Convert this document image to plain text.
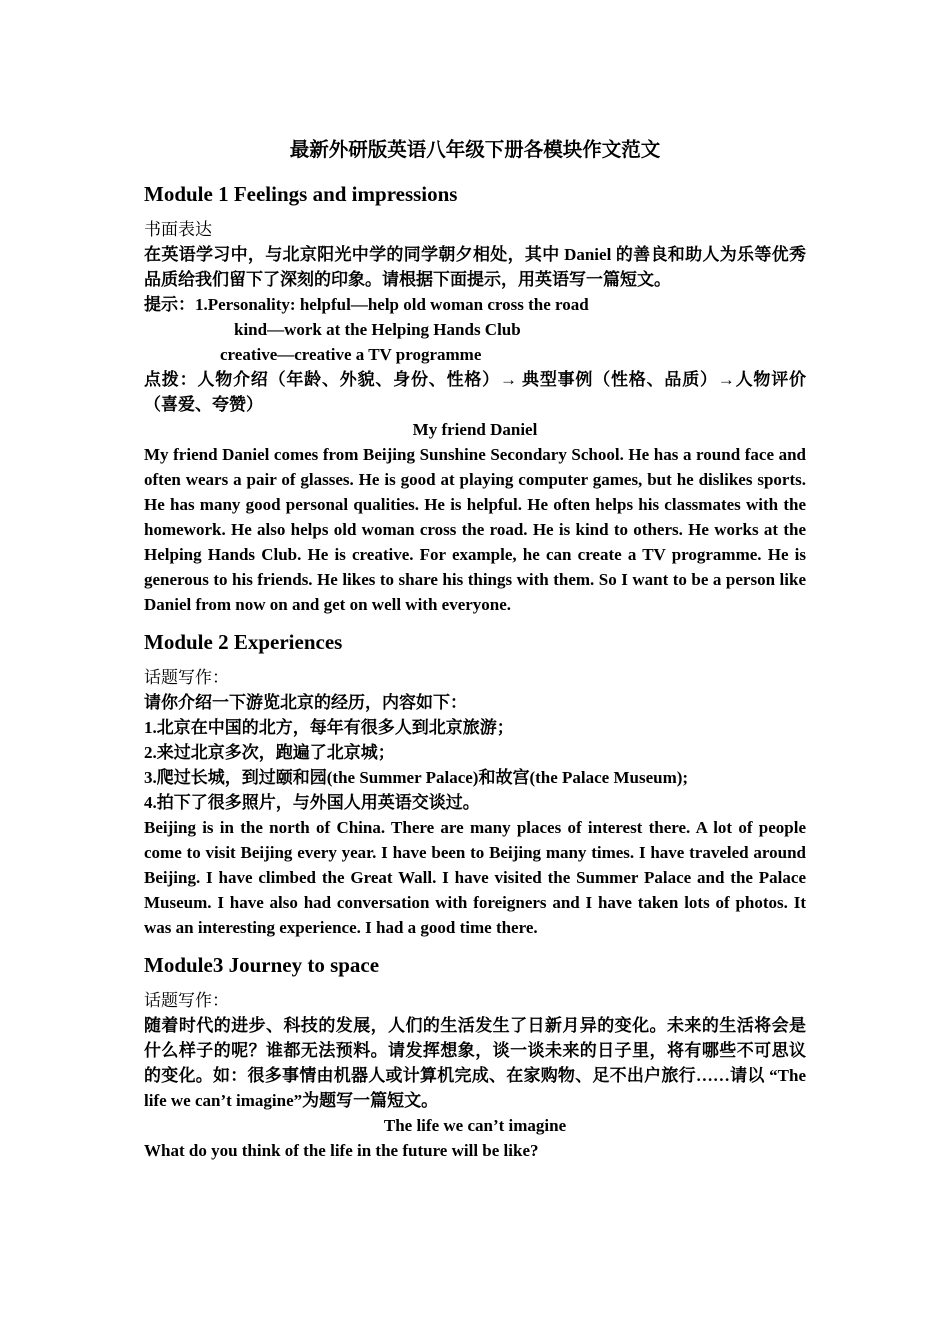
最新外研版英语八年级下册各模块作文范文
Module 1 Feelings and impressions

书面表达

在英语学习中，与北京阳光中学的同学朝夕相处，其中 Daniel 的善良和助人为乐等优秀品质给我们留下了深刻的印象。请根据下面提示，用英语写一篇短文。

提示：1.Personality: helpful—help old woman cross the road

kind—work at the Helping Hands Club

creative—creative a TV programme

点拨：人物介绍（年龄、外貌、身份、性格）→ 典型事例（性格、品质）→人物评价（喜爱、夸赞）

My friend Daniel

My friend Daniel comes from Beijing Sunshine Secondary School. He has a round face and often wears a pair of glasses. He is good at playing computer games, but he dislikes sports. He has many good personal qualities. He is helpful. He often helps his classmates with the homework. He also helps old woman cross the road. He is kind to others. He works at the Helping Hands Club. He is creative. For example, he can create a TV programme. He is generous to his friends. He likes to share his things with them. So I want to be a person like Daniel from now on and get on well with everyone.

Module 2 Experiences

话题写作：

请你介绍一下游览北京的经历，内容如下：

1.北京在中国的北方，每年有很多人到北京旅游；

2.来过北京多次，跑遍了北京城；

3.爬过长城，到过颐和园(the Summer Palace)和故宫(the Palace Museum);

4.拍下了很多照片，与外国人用英语交谈过。

Beijing is in the north of China. There are many places of interest there. A lot of people come to visit Beijing every year. I have been to Beijing many times. I have traveled around Beijing. I have climbed the Great Wall. I have visited the Summer Palace and the Palace Museum. I have also had conversation with foreigners and I have taken lots of photos. It was an interesting experience. I had a good time there.

Module3 Journey to space

话题写作：

随着时代的进步、科技的发展，人们的生活发生了日新月异的变化。未来的生活将会是什么样子的呢？谁都无法预料。请发挥想象，谈一谈未来的日子里，将有哪些不可思议的变化。如：很多事情由机器人或计算机完成、在家购物、足不出户旅行……请以 “The life we can’t imagine”为题写一篇短文。

The life we can’t imagine

What do you think of the life in the future will be like?
